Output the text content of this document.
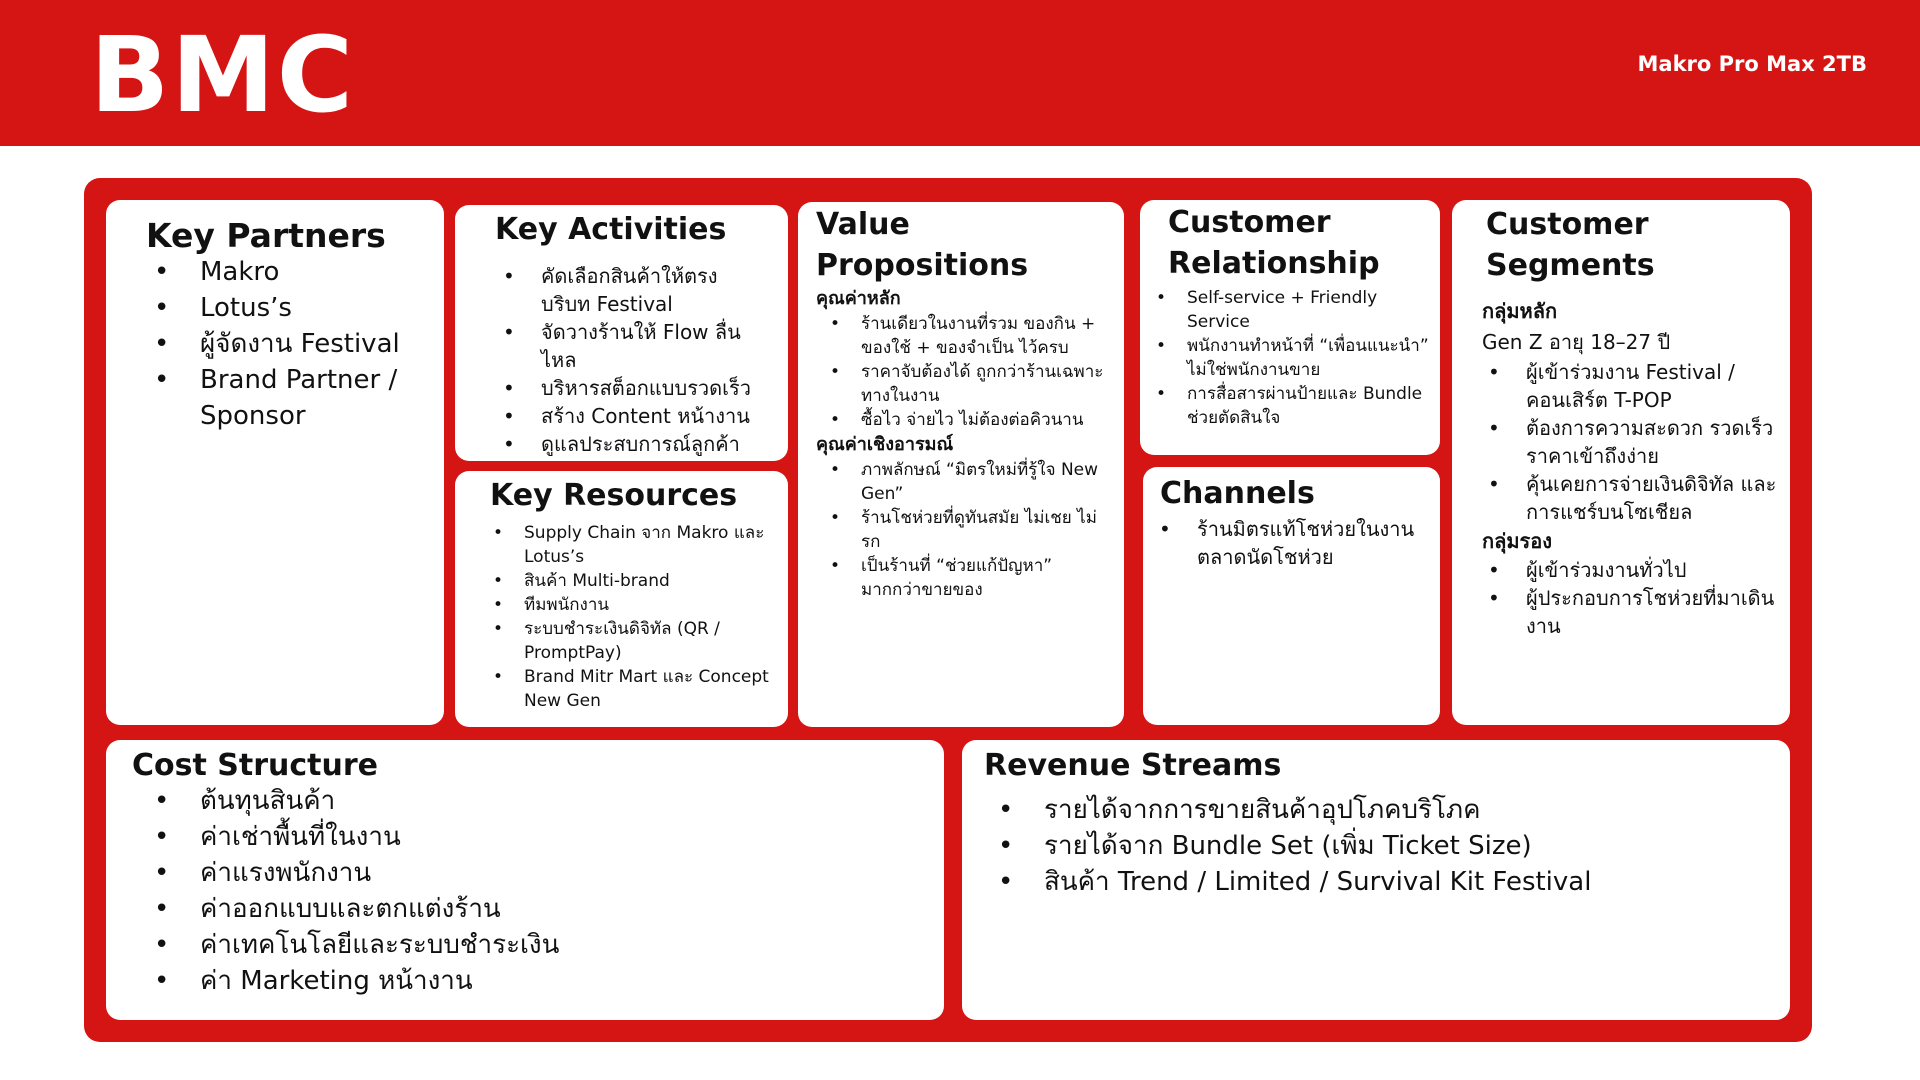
BMC	Makro Pro Max 2TB
Key Partners
• Makro
• Lotus’s
• ผู้จัดงาน Festival
• Brand Partner / Sponsor
Key Activities
• คัดเลือกสินค้าให้ตรงบริบท Festival
• จัดวางร้านให้ Flow ลื่นไหล
• บริหารสต็อกแบบรวดเร็ว
• สร้าง Content หน้างาน
• ดูแลประสบการณ์ลูกค้า
Key Resources
• Supply Chain จาก Makro และ Lotus’s
• สินค้า Multi-brand
• ทีมพนักงาน
• ระบบชำระเงินดิจิทัล (QR / PromptPay)
• Brand Mitr Mart และ Concept New Gen
Value Propositions
คุณค่าหลัก
• ร้านเดียวในงานที่รวม ของกิน + ของใช้ + ของจำเป็น ไว้ครบ
• ราคาจับต้องได้ ถูกกว่าร้านเฉพาะทางในงาน
• ซื้อไว จ่ายไว ไม่ต้องต่อคิวนาน
คุณค่าเชิงอารมณ์
• ภาพลักษณ์ “มิตรใหม่ที่รู้ใจ New Gen”
• ร้านโชห่วยที่ดูทันสมัย ไม่เชย ไม่รก
• เป็นร้านที่ “ช่วยแก้ปัญหา” มากกว่าขายของ
Customer Relationship
• Self-service + Friendly Service
• พนักงานทำหน้าที่ “เพื่อนแนะนำ” ไม่ใช่พนักงานขาย
• การสื่อสารผ่านป้ายและ Bundle ช่วยตัดสินใจ
Channels
• ร้านมิตรแท้โชห่วยในงานตลาดนัดโชห่วย
Customer Segments
กลุ่มหลัก
Gen Z อายุ 18–27 ปี
• ผู้เข้าร่วมงาน Festival / คอนเสิร์ต T-POP
• ต้องการความสะดวก รวดเร็ว ราคาเข้าถึงง่าย
• คุ้นเคยการจ่ายเงินดิจิทัล และการแชร์บนโซเชียล
กลุ่มรอง
• ผู้เข้าร่วมงานทั่วไป
• ผู้ประกอบการโชห่วยที่มาเดินงาน
Cost Structure
• ต้นทุนสินค้า
• ค่าเช่าพื้นที่ในงาน
• ค่าแรงพนักงาน
• ค่าออกแบบและตกแต่งร้าน
• ค่าเทคโนโลยีและระบบชำระเงิน
• ค่า Marketing หน้างาน
Revenue Streams
• รายได้จากการขายสินค้าอุปโภคบริโภค
• รายได้จาก Bundle Set (เพิ่ม Ticket Size)
• สินค้า Trend / Limited / Survival Kit Festival
